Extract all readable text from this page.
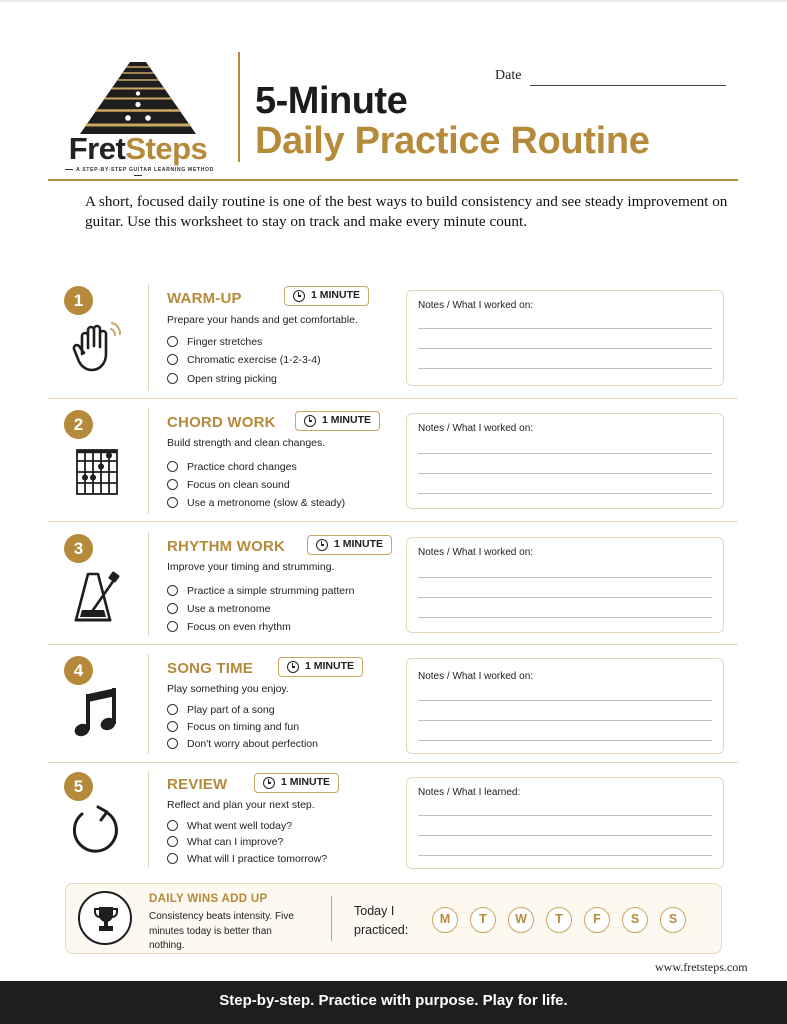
FretSteps
A STEP-BY-STEP GUITAR LEARNING METHOD
5-Minute
Daily Practice Routine
Date
A short, focused daily routine is one of the best ways to build consistency and see steady improvement on guitar. Use this worksheet to stay on track and make every minute count.
1	WARM-UP	1 MINUTE
Prepare your hands and get comfortable.
Finger stretches
Chromatic exercise (1-2-3-4)
Open string picking
Notes / What I worked on:
2	CHORD WORK	1 MINUTE
Build strength and clean changes.
Practice chord changes
Focus on clean sound
Use a metronome (slow & steady)
Notes / What I worked on:
3	RHYTHM WORK	1 MINUTE
Improve your timing and strumming.
Practice a simple strumming pattern
Use a metronome
Focus on even rhythm
Notes / What I worked on:
4	SONG TIME	1 MINUTE
Play something you enjoy.
Play part of a song
Focus on timing and fun
Don't worry about perfection
Notes / What I worked on:
5	REVIEW	1 MINUTE
Reflect and plan your next step.
What went well today?
What can I improve?
What will I practice tomorrow?
Notes / What I learned:
DAILY WINS ADD UP
Consistency beats intensity. Five minutes today is better than nothing.
Today I
practiced:
M	T	W	T	F	S	S
www.fretsteps.com
Step-by-step. Practice with purpose. Play for life.
